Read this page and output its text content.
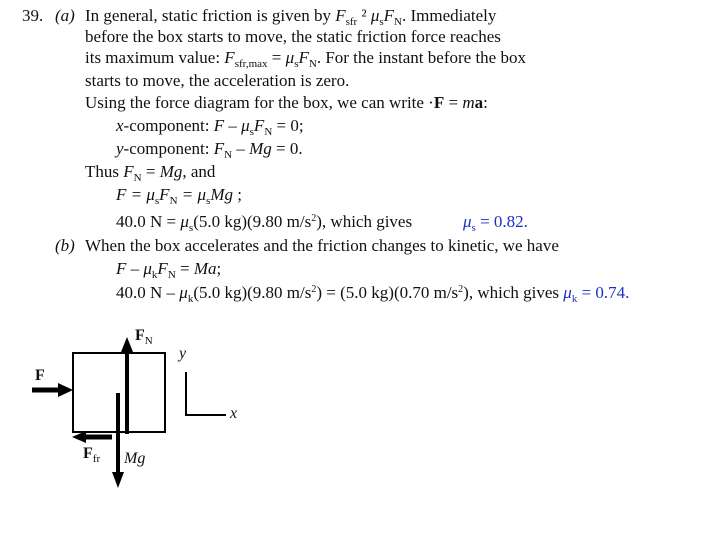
39. (a) In general, static friction is given by $F_{sfr}$ ² $\mu_sF_N$. Immediately
before the box starts to move, the static friction force reaches
its maximum value: $F_{sfr,max} = \mu_sF_N$. For the instant before the box
starts to move, the acceleration is zero.
Using the force diagram for the box, we can write ·F = ma:
x-component: $F - \mu_sF_N = 0$;
y-component: $F_N - Mg = 0$.
Thus $F_N = Mg$, and
$F = \mu_sF_N = \mu_sMg$ ;
40.0 $N = \mu_s(5.0$ kg)(9.80 $m/s^2$), which gives	$\mu_s = 0.82$.
(b) When the box accelerates and the friction changes to kinetic, we have
$F - \mu_kF_N = Ma$;
40.0 N – $\mu_k(5.0$ kg)(9.80 $m/s^2) = (5.0$ kg)(0.70 $m/s^2$), which gives $\mu_k = 0.74$.
F
$F_N$
$F_{fr}$ Mg
y
x
